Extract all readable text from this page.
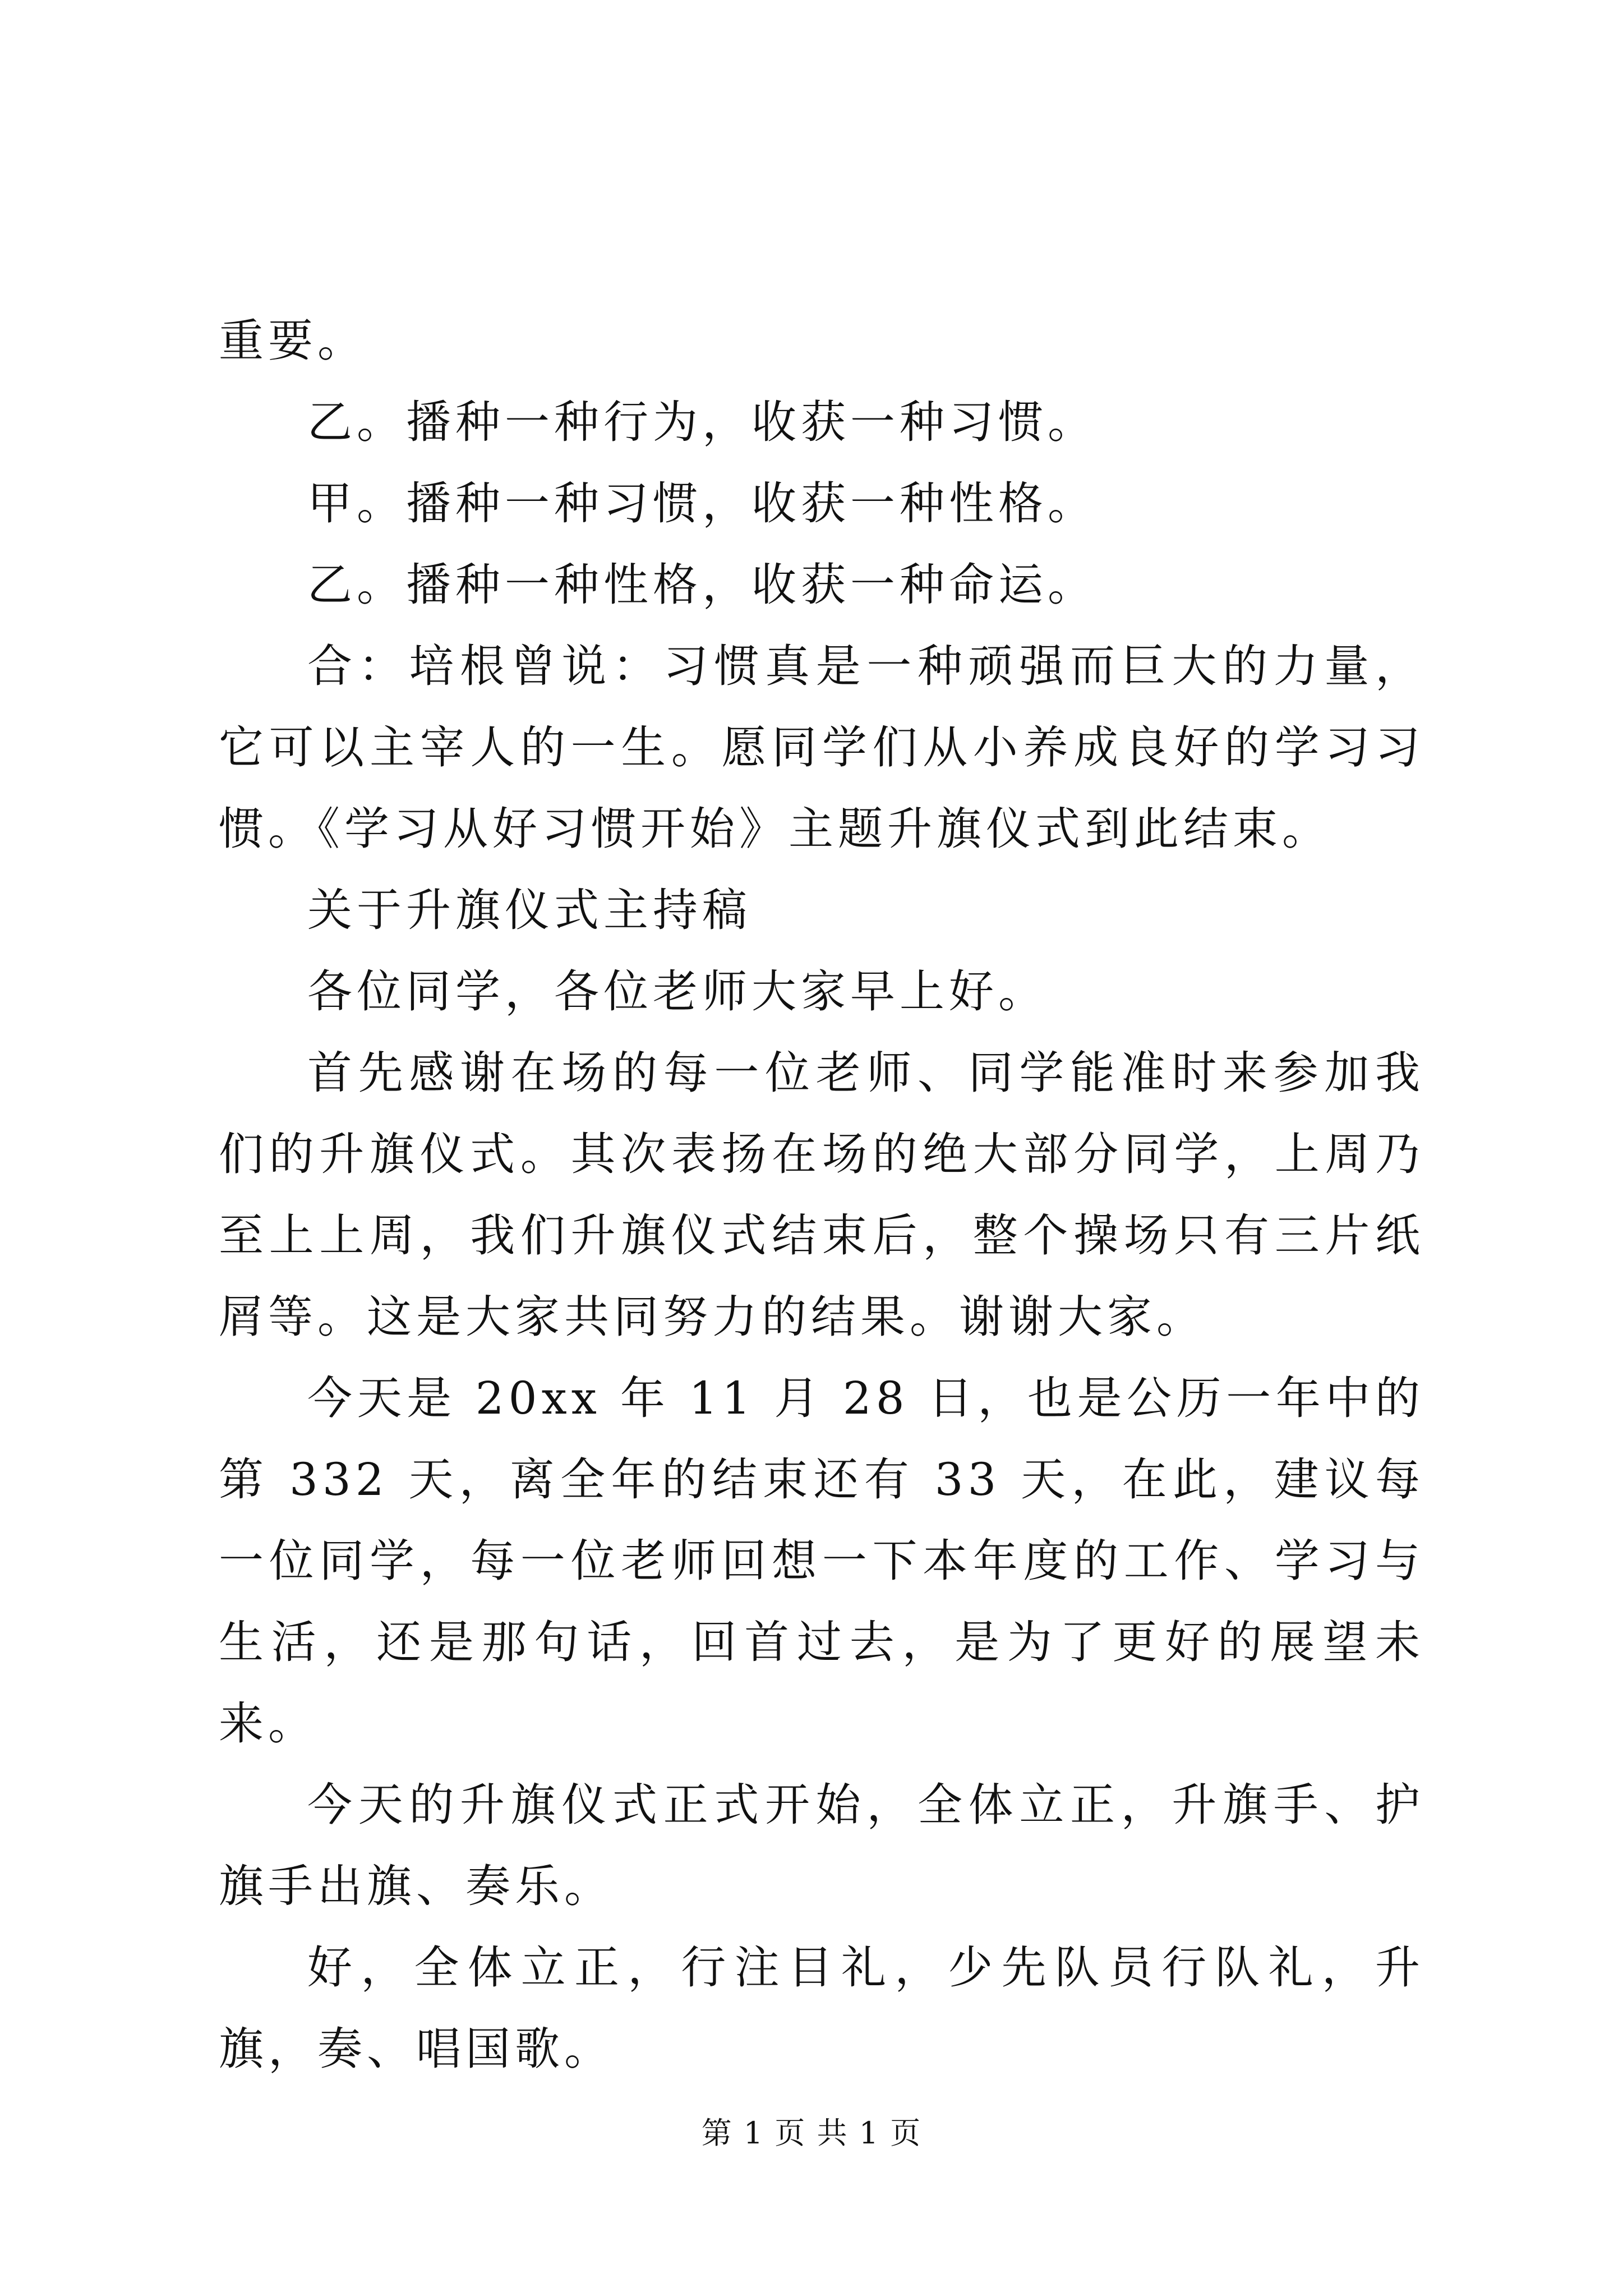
重要。

乙。播种一种行为，收获一种习惯。

甲。播种一种习惯，收获一种性格。

乙。播种一种性格，收获一种命运。

合：培根曾说：习惯真是一种顽强而巨大的力量，它可以主宰人的一生。愿同学们从小养成良好的学习习惯。《学习从好习惯开始》主题升旗仪式到此结束。

关于升旗仪式主持稿

各位同学，各位老师大家早上好。

首先感谢在场的每一位老师、同学能准时来参加我们的升旗仪式。其次表扬在场的绝大部分同学，上周乃至上上周，我们升旗仪式结束后，整个操场只有三片纸屑等。这是大家共同努力的结果。谢谢大家。

今天是 20xx 年 11 月 28 日，也是公历一年中的第 332 天，离全年的结束还有 33 天，在此，建议每一位同学，每一位老师回想一下本年度的工作、学习与生活，还是那句话，回首过去，是为了更好的展望未来。

今天的升旗仪式正式开始，全体立正，升旗手、护旗手出旗、奏乐。

好，全体立正，行注目礼，少先队员行队礼，升旗，奏、唱国歌。

第 1 页 共 1 页
